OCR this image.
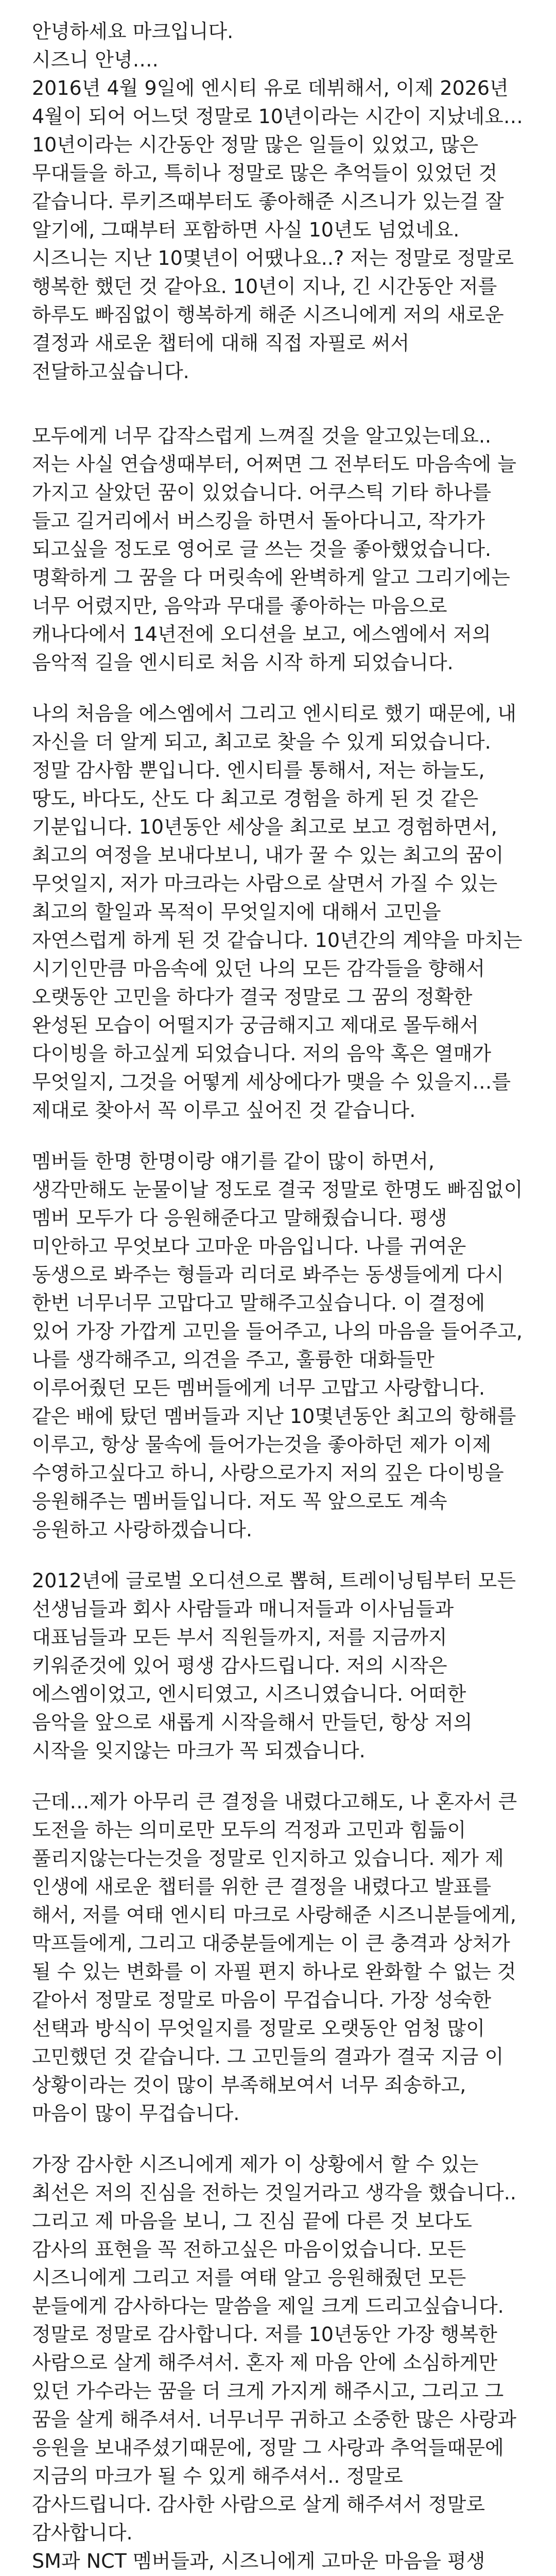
안녕하세요 마크입니다.
시즈니 안녕….
2016년 4월 9일에 엔시티 유로 데뷔해서, 이제 2026년 4월이 되어 어느덧 정말로 10년이라는 시간이 지났네요…
10년이라는 시간동안 정말 많은 일들이 있었고, 많은 무대들을 하고, 특히나 정말로 많은 추억들이 있었던 것 같습니다. 루키즈때부터도 좋아해준 시즈니가 있는걸 잘 알기에, 그때부터 포함하면 사실 10년도 넘었네요. 시즈니는 지난 10몇년이 어땠나요..? 저는 정말로 정말로 행복한 했던 것 같아요. 10년이 지나, 긴 시간동안 저를 하루도 빠짐없이 행복하게 해준 시즈니에게 저의 새로운 결정과 새로운 챕터에 대해 직접 자필로 써서 전달하고싶습니다.

모두에게 너무 갑작스럽게 느껴질 것을 알고있는데요.. 저는 사실 연습생때부터, 어쩌면 그 전부터도 마음속에 늘 가지고 살았던 꿈이 있었습니다. 어쿠스틱 기타 하나를 들고 길거리에서 버스킹을 하면서 돌아다니고, 작가가 되고싶을 정도로 영어로 글 쓰는 것을 좋아했었습니다. 명확하게 그 꿈을 다 머릿속에 완벽하게 알고 그리기에는 너무 어렸지만, 음악과 무대를 좋아하는 마음으로 캐나다에서 14년전에 오디션을 보고, 에스엠에서 저의 음악적 길을 엔시티로 처음 시작 하게 되었습니다.

나의 처음을 에스엠에서 그리고 엔시티로 했기 때문에, 내 자신을 더 알게 되고, 최고로 찾을 수 있게 되었습니다. 정말 감사함 뿐입니다. 엔시티를 통해서, 저는 하늘도, 땅도, 바다도, 산도 다 최고로 경험을 하게 된 것 같은 기분입니다. 10년동안 세상을 최고로 보고 경험하면서, 최고의 여정을 보내다보니, 내가 꿀 수 있는 최고의 꿈이 무엇일지, 저가 마크라는 사람으로 살면서 가질 수 있는 최고의 할일과 목적이 무엇일지에 대해서 고민을 자연스럽게 하게 된 것 같습니다. 10년간의 계약을 마치는 시기인만큼 마음속에 있던 나의 모든 감각들을 향해서 오랫동안 고민을 하다가 결국 정말로 그 꿈의 정확한 완성된 모습이 어떨지가 궁금해지고 제대로 몰두해서 다이빙을 하고싶게 되었습니다. 저의 음악 혹은 열매가 무엇일지, 그것을 어떻게 세상에다가 맺을 수 있을지…를 제대로 찾아서 꼭 이루고 싶어진 것 같습니다.

멤버들 한명 한명이랑 얘기를 같이 많이 하면서, 생각만해도 눈물이날 정도로 결국 정말로 한명도 빠짐없이 멤버 모두가 다 응원해준다고 말해줬습니다. 평생 미안하고 무엇보다 고마운 마음입니다. 나를 귀여운 동생으로 봐주는 형들과 리더로 봐주는 동생들에게 다시 한번 너무너무 고맙다고 말해주고싶습니다. 이 결정에 있어 가장 가깝게 고민을 들어주고, 나의 마음을 들어주고, 나를 생각해주고, 의견을 주고, 훌륭한 대화들만 이루어줬던 모든 멤버들에게 너무 고맙고 사랑합니다. 같은 배에 탔던 멤버들과 지난 10몇년동안 최고의 항해를 이루고, 항상 물속에 들어가는것을 좋아하던 제가 이제 수영하고싶다고 하니, 사랑으로가지 저의 깊은 다이빙을 응원해주는 멤버들입니다. 저도 꼭 앞으로도 계속 응원하고 사랑하겠습니다.

2012년에 글로벌 오디션으로 뽑혀, 트레이닝팀부터 모든 선생님들과 회사 사람들과 매니저들과 이사님들과 대표님들과 모든 부서 직원들까지, 저를 지금까지 키워준것에 있어 평생 감사드립니다. 저의 시작은 에스엠이었고, 엔시티였고, 시즈니였습니다. 어떠한 음악을 앞으로 새롭게 시작을해서 만들던, 항상 저의 시작을 잊지않는 마크가 꼭 되겠습니다.

근데…제가 아무리 큰 결정을 내렸다고해도, 나 혼자서 큰 도전을 하는 의미로만 모두의 걱정과 고민과 힘듦이 풀리지않는다는것을 정말로 인지하고 있습니다. 제가 제 인생에 새로운 챕터를 위한 큰 결정을 내렸다고 발표를 해서, 저를 여태 엔시티 마크로 사랑해준 시즈니분들에게, 막프들에게, 그리고 대중분들에게는 이 큰 충격과 상처가 될 수 있는 변화를 이 자필 편지 하나로 완화할 수 없는 것 같아서 정말로 정말로 마음이 무겁습니다. 가장 성숙한 선택과 방식이 무엇일지를 정말로 오랫동안 엄청 많이 고민했던 것 같습니다. 그 고민들의 결과가 결국 지금 이 상황이라는 것이 많이 부족해보여서 너무 죄송하고, 마음이 많이 무겁습니다.

가장 감사한 시즈니에게 제가 이 상황에서 할 수 있는 최선은 저의 진심을 전하는 것일거라고 생각을 했습니다.. 그리고 제 마음을 보니, 그 진심 끝에 다른 것 보다도 감사의 표현을 꼭 전하고싶은 마음이었습니다. 모든 시즈니에게 그리고 저를 여태 알고 응원해줬던 모든 분들에게 감사하다는 말씀을 제일 크게 드리고싶습니다. 정말로 정말로 감사합니다. 저를 10년동안 가장 행복한 사람으로 살게 해주셔서. 혼자 제 마음 안에 소심하게만 있던 가수라는 꿈을 더 크게 가지게 해주시고, 그리고 그 꿈을 살게 해주셔서. 너무너무 귀하고 소중한 많은 사랑과 응원을 보내주셨기때문에, 정말 그 사랑과 추억들때문에 지금의 마크가 될 수 있게 해주셔서.. 정말로 감사드립니다. 감사한 사람으로 살게 해주셔서 정말로 감사합니다.
SM과 NCT 멤버들과, 시즈니에게 고마운 마음을 평생
